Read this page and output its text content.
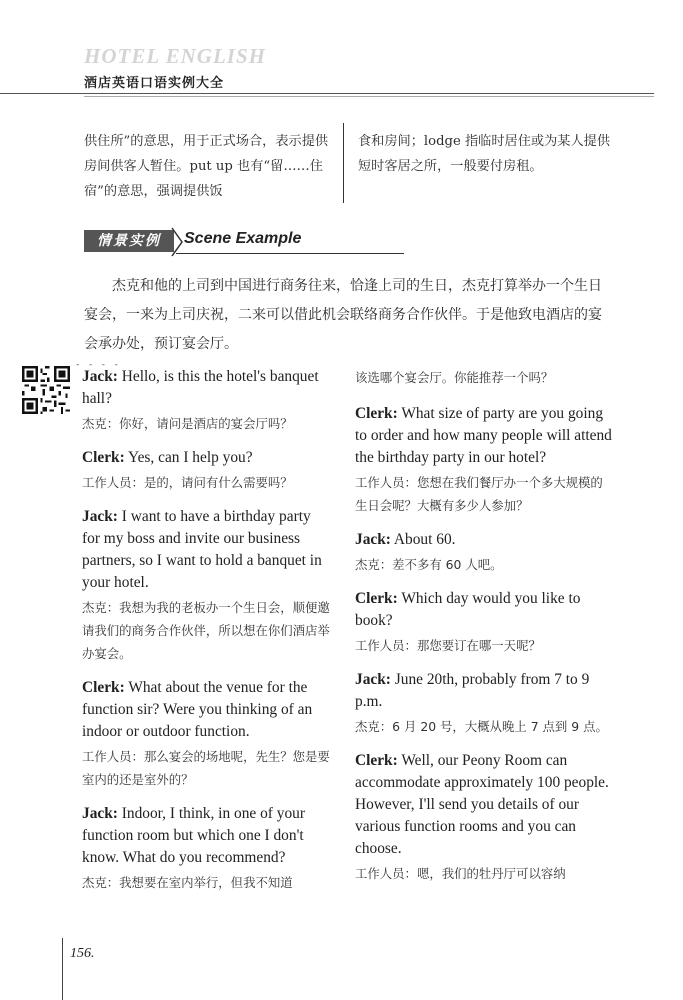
HOTEL ENGLISH
酒店英语口语实例大全
供住所”的意思，用于正式场合，表示提供房间供客人暂住。put up 也有“留……住宿”的意思，强调提供饭
食和房间；lodge 指临时居住或为某人提供短时客居之所，一般要付房租。
情景实例	Scene Example
杰克和他的上司到中国进行商务往来，恰逢上司的生日，杰克打算举办一个生日宴会，一来为上司庆祝，二来可以借此机会联络商务合作伙伴。于是他致电酒店的宴会承办处，预订宴会厅。
- - - -

Jack: Hello, is this the hotel's banquet hall?

杰克：你好，请问是酒店的宴会厅吗？

Clerk: Yes, can I help you?

工作人员：是的，请问有什么需要吗？

Jack: I want to have a birthday party for my boss and invite our business partners, so I want to hold a banquet in your hotel.

杰克：我想为我的老板办一个生日会，顺便邀请我们的商务合作伙伴，所以想在你们酒店举办宴会。

Clerk: What about the venue for the function sir? Were you thinking of an indoor or outdoor function.

工作人员：那么宴会的场地呢，先生？您是要室内的还是室外的？

Jack: Indoor, I think, in one of your function room but which one I don't know. What do you recommend?

杰克：我想要在室内举行，但我不知道

该选哪个宴会厅。你能推荐一个吗？

Clerk: What size of party are you going to order and how many people will attend the birthday party in our hotel?

工作人员：您想在我们餐厅办一个多大规模的生日会呢？大概有多少人参加？

Jack: About 60.

杰克：差不多有 60 人吧。

Clerk: Which day would you like to book?

工作人员：那您要订在哪一天呢？

Jack: June 20th, probably from 7 to 9 p.m.

杰克：6 月 20 号，大概从晚上 7 点到 9 点。

Clerk: Well, our Peony Room can accommodate approximately 100 people. However, I'll send you details of our various function rooms and you can choose.

工作人员：嗯，我们的牡丹厅可以容纳

156.
